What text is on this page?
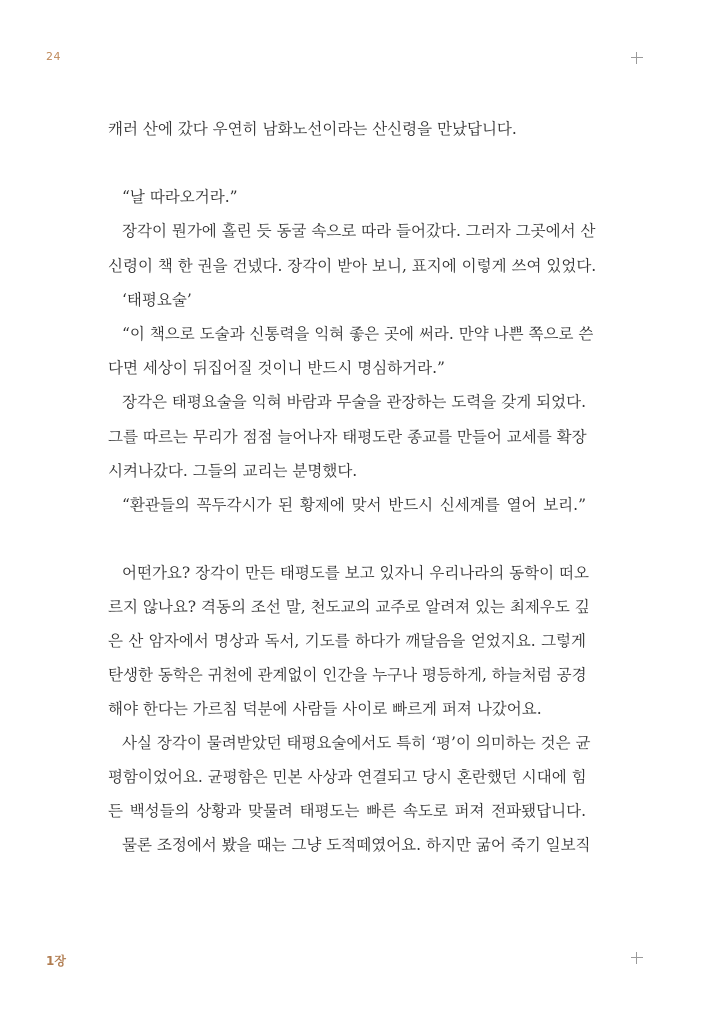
24
캐러 산에 갔다 우연히 남화노선이라는 산신령을 만났답니다.
“날 따라오거라.”
장각이 뭔가에 홀린 듯 동굴 속으로 따라 들어갔다. 그러자 그곳에서 산
신령이 책 한 권을 건넸다. 장각이 받아 보니, 표지에 이렇게 쓰여 있었다.
‘태평요술’
“이 책으로 도술과 신통력을 익혀 좋은 곳에 써라. 만약 나쁜 쪽으로 쓴
다면 세상이 뒤집어질 것이니 반드시 명심하거라.”
장각은 태평요술을 익혀 바람과 무술을 관장하는 도력을 갖게 되었다.
그를 따르는 무리가 점점 늘어나자 태평도란 종교를 만들어 교세를 확장
시켜나갔다. 그들의 교리는 분명했다.
“환관들의 꼭두각시가 된 황제에 맞서 반드시 신세계를 열어 보리.”
어떤가요? 장각이 만든 태평도를 보고 있자니 우리나라의 동학이 떠오
르지 않나요? 격동의 조선 말, 천도교의 교주로 알려져 있는 최제우도 깊
은 산 암자에서 명상과 독서, 기도를 하다가 깨달음을 얻었지요. 그렇게
탄생한 동학은 귀천에 관계없이 인간을 누구나 평등하게, 하늘처럼 공경
해야 한다는 가르침 덕분에 사람들 사이로 빠르게 퍼져 나갔어요.
사실 장각이 물려받았던 태평요술에서도 특히 ‘평’이 의미하는 것은 균
평함이었어요. 균평함은 민본 사상과 연결되고 당시 혼란했던 시대에 힘
든 백성들의 상황과 맞물려 태평도는 빠른 속도로 퍼져 전파됐답니다.
물론 조정에서 봤을 때는 그냥 도적떼였어요. 하지만 굶어 죽기 일보직
1장
